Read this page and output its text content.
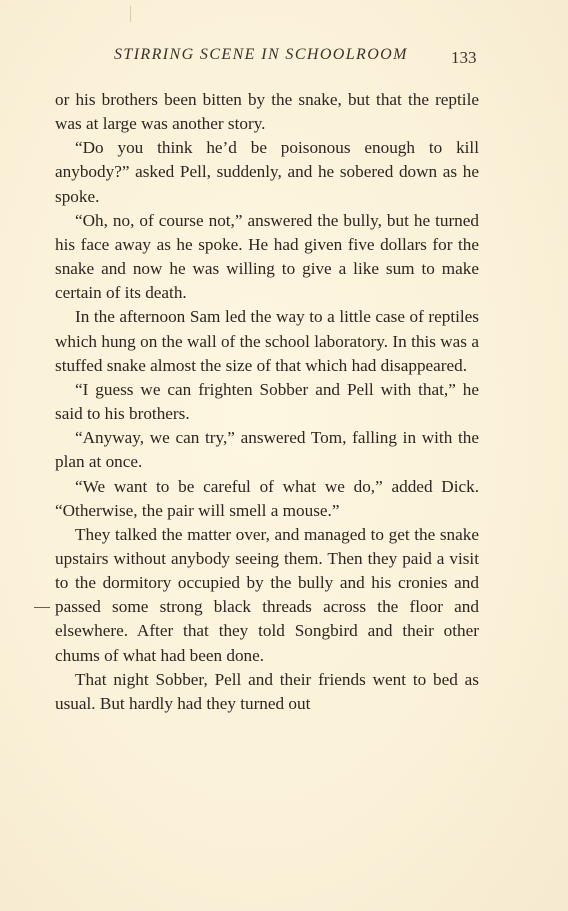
STIRRING SCENE IN SCHOOLROOM	133

or his brothers been bitten by the snake, but that the reptile was at large was another story.

“Do you think he’d be poisonous enough to kill anybody?” asked Pell, suddenly, and he sobered down as he spoke.

“Oh, no, of course not,” answered the bully, but he turned his face away as he spoke. He had given five dollars for the snake and now he was willing to give a like sum to make certain of its death.

In the afternoon Sam led the way to a little case of reptiles which hung on the wall of the school laboratory. In this was a stuffed snake almost the size of that which had disappeared.

“I guess we can frighten Sobber and Pell with that,” he said to his brothers.

“Anyway, we can try,” answered Tom, falling in with the plan at once.

“We want to be careful of what we do,” added Dick. “Otherwise, the pair will smell a mouse.”

They talked the matter over, and managed to get the snake upstairs without anybody seeing them. Then they paid a visit to the dormitory occupied by the bully and his cronies and passed some strong black threads across the floor and elsewhere. After that they told Songbird and their other chums of what had been done.

That night Sobber, Pell and their friends went to bed as usual. But hardly had they turned out
